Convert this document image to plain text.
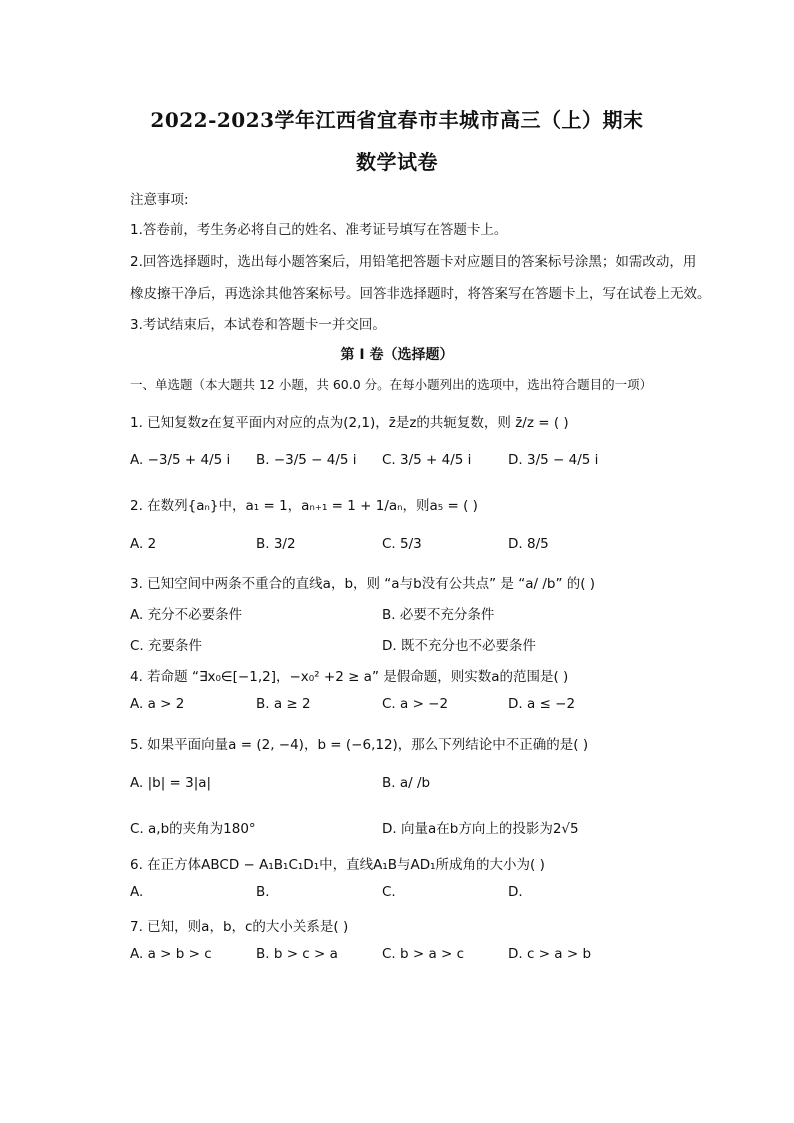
2022-2023学年江西省宜春市丰城市高三（上）期末
数学试卷
注意事项:
1.答卷前，考生务必将自己的姓名、准考证号填写在答题卡上。
2.回答选择题时，选出每小题答案后，用铅笔把答题卡对应题目的答案标号涂黑；如需改动，用
橡皮擦干净后，再选涂其他答案标号。回答非选择题时，将答案写在答题卡上，写在试卷上无效。
3.考试结束后，本试卷和答题卡一并交回。
第 I 卷（选择题）
一、单选题（本大题共 12 小题，共 60.0 分。在每小题列出的选项中，选出符合题目的一项）
1. 已知复数z在复平面内对应的点为(2,1)，z̄是z的共轭复数，则 z̄/z = ( )
A. −3/5 + 4/5 i B. −3/5 − 4/5 i C. 3/5 + 4/5 i	D. 3/5 − 4/5 i
2. 在数列{aₙ}中，a₁ = 1，aₙ₊₁ = 1 + 1/aₙ，则a₅ = ( )
A. 2	B. 3/2	C. 5/3	D. 8/5
3. 已知空间中两条不重合的直线a，b，则 “a与b没有公共点” 是 “a/ /b” 的( )
A. 充分不必要条件	B. 必要不充分条件
C. 充要条件	D. 既不充分也不必要条件
4. 若命题 “∃x₀∈[−1,2]，−x₀² +2 ≥ a” 是假命题，则实数a的范围是( )
A. a > 2	B. a ≥ 2	C. a > −2	D. a ≤ −2
5. 如果平面向量a = (2, −4)，b = (−6,12)，那么下列结论中不正确的是( )
A. |b| = 3|a|	B. a/ /b
C. a,b的夹角为180°	D. 向量a在b方向上的投影为2√5
6. 在正方体ABCD − A₁B₁C₁D₁中，直线A₁B与AD₁所成角的大小为( )
A.	B.	C.	D.
7. 已知，则a，b，c的大小关系是( )
A. a > b > c	B. b > c > a	C. b > a > c	D. c > a > b
